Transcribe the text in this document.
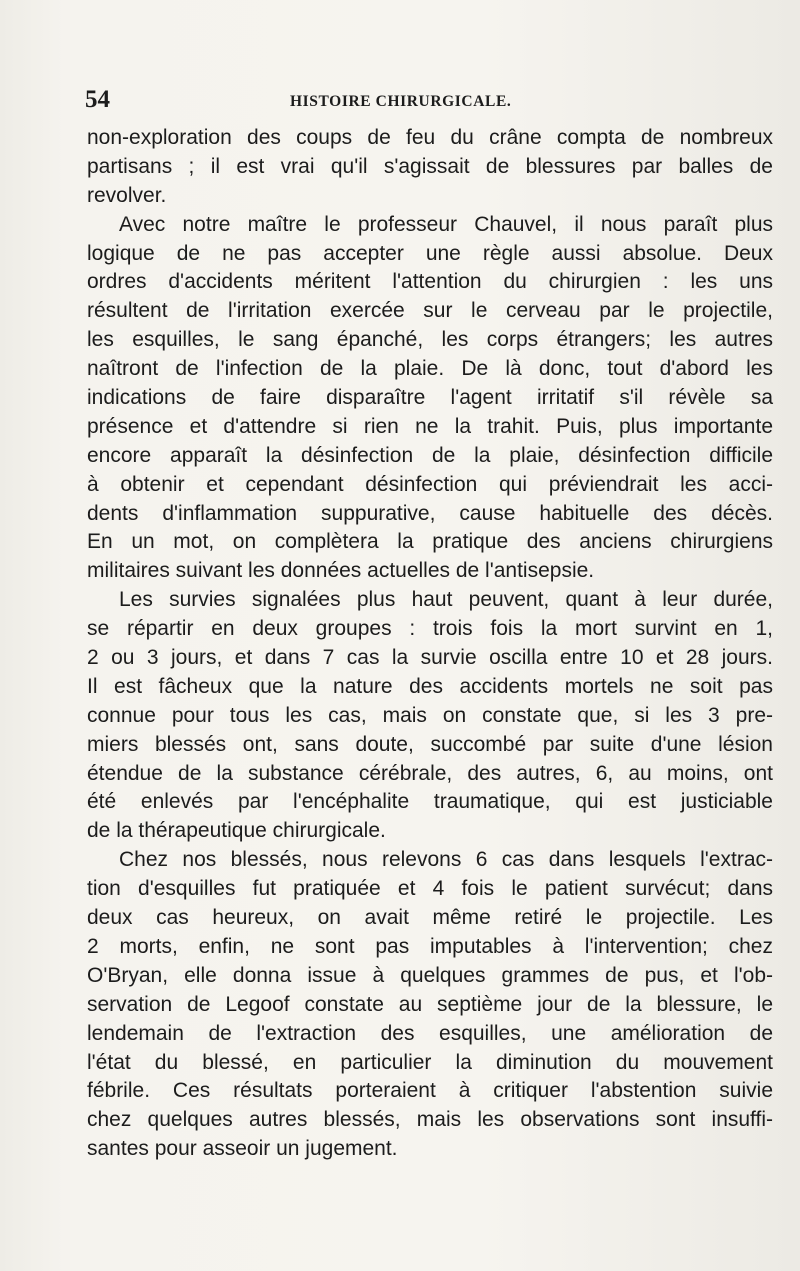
54	HISTOIRE CHIRURGICALE.
non-exploration des coups de feu du crâne compta de nombreux
partisans ; il est vrai qu'il s'agissait de blessures par balles de
revolver.
Avec notre maître le professeur Chauvel, il nous paraît plus
logique de ne pas accepter une règle aussi absolue. Deux
ordres d'accidents méritent l'attention du chirurgien : les uns
résultent de l'irritation exercée sur le cerveau par le projectile,
les esquilles, le sang épanché, les corps étrangers; les autres
naîtront de l'infection de la plaie. De là donc, tout d'abord les
indications de faire disparaître l'agent irritatif s'il révèle sa
présence et d'attendre si rien ne la trahit. Puis, plus importante
encore apparaît la désinfection de la plaie, désinfection difficile
à obtenir et cependant désinfection qui préviendrait les acci-
dents d'inflammation suppurative, cause habituelle des décès.
En un mot, on complètera la pratique des anciens chirurgiens
militaires suivant les données actuelles de l'antisepsie.
Les survies signalées plus haut peuvent, quant à leur durée,
se répartir en deux groupes : trois fois la mort survint en 1,
2 ou 3 jours, et dans 7 cas la survie oscilla entre 10 et 28 jours.
Il est fâcheux que la nature des accidents mortels ne soit pas
connue pour tous les cas, mais on constate que, si les 3 pre-
miers blessés ont, sans doute, succombé par suite d'une lésion
étendue de la substance cérébrale, des autres, 6, au moins, ont
été enlevés par l'encéphalite traumatique, qui est justiciable
de la thérapeutique chirurgicale.
Chez nos blessés, nous relevons 6 cas dans lesquels l'extrac-
tion d'esquilles fut pratiquée et 4 fois le patient survécut; dans
deux cas heureux, on avait même retiré le projectile. Les
2 morts, enfin, ne sont pas imputables à l'intervention; chez
O'Bryan, elle donna issue à quelques grammes de pus, et l'ob-
servation de Legoof constate au septième jour de la blessure, le
lendemain de l'extraction des esquilles, une amélioration de
l'état du blessé, en particulier la diminution du mouvement
fébrile. Ces résultats porteraient à critiquer l'abstention suivie
chez quelques autres blessés, mais les observations sont insuffi-
santes pour asseoir un jugement.
